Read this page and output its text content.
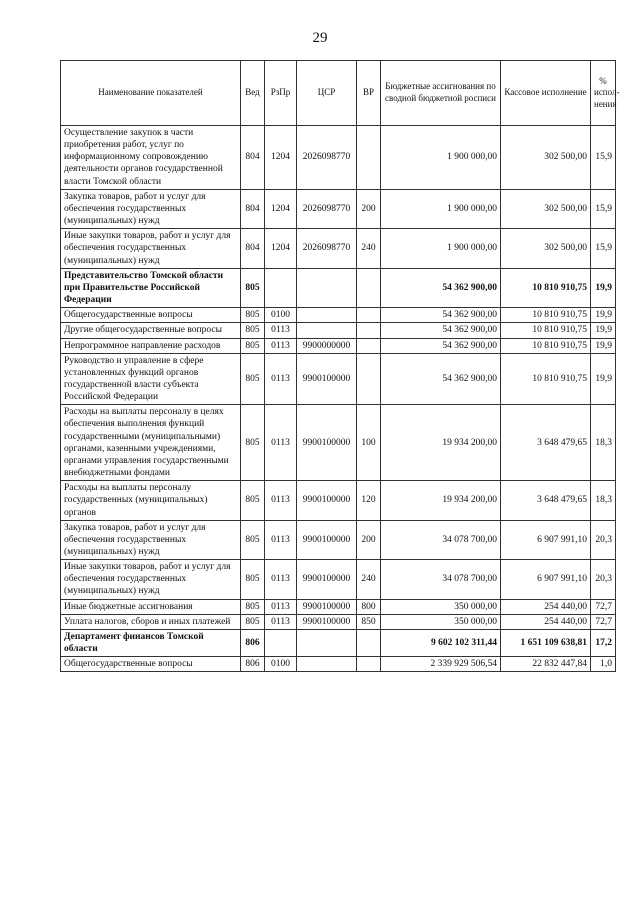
29
Наименование показателей	Вед	РзПр	ЦСР	ВР	Бюджетные ассигнования по сводной бюджетной росписи	Кассовое исполнение	% испол-нения
Осуществление закупок в части приобретения работ, услуг по информационному сопровождению деятельности органов государственной власти Томской области	804	1204	2026098770		1 900 000,00	302 500,00	15,9
Закупка товаров, работ и услуг для обеспечения государственных (муниципальных) нужд	804	1204	2026098770	200	1 900 000,00	302 500,00	15,9
Иные закупки товаров, работ и услуг для обеспечения государственных (муниципальных) нужд	804	1204	2026098770	240	1 900 000,00	302 500,00	15,9
Представительство Томской области при Правительстве Российской Федерации	805				54 362 900,00	10 810 910,75	19,9
Общегосударственные вопросы	805	0100			54 362 900,00	10 810 910,75	19,9
Другие общегосударственные вопросы	805	0113			54 362 900,00	10 810 910,75	19,9
Непрограммное направление расходов	805	0113	9900000000		54 362 900,00	10 810 910,75	19,9
Руководство и управление в сфере установленных функций органов государственной власти субъекта Российской Федерации	805	0113	9900100000		54 362 900,00	10 810 910,75	19,9
Расходы на выплаты персоналу в целях обеспечения выполнения функций государственными (муниципальными) органами, казенными учреждениями, органами управления государственными внебюджетными фондами	805	0113	9900100000	100	19 934 200,00	3 648 479,65	18,3
Расходы на выплаты персоналу государственных (муниципальных) органов	805	0113	9900100000	120	19 934 200,00	3 648 479,65	18,3
Закупка товаров, работ и услуг для обеспечения государственных (муниципальных) нужд	805	0113	9900100000	200	34 078 700,00	6 907 991,10	20,3
Иные закупки товаров, работ и услуг для обеспечения государственных (муниципальных) нужд	805	0113	9900100000	240	34 078 700,00	6 907 991,10	20,3
Иные бюджетные ассигнования	805	0113	9900100000	800	350 000,00	254 440,00	72,7
Уплата налогов, сборов и иных платежей	805	0113	9900100000	850	350 000,00	254 440,00	72,7
Департамент финансов Томской области	806				9 602 102 311,44	1 651 109 638,81	17,2
Общегосударственные вопросы	806	0100			2 339 929 506,54	22 832 447,84	1,0
